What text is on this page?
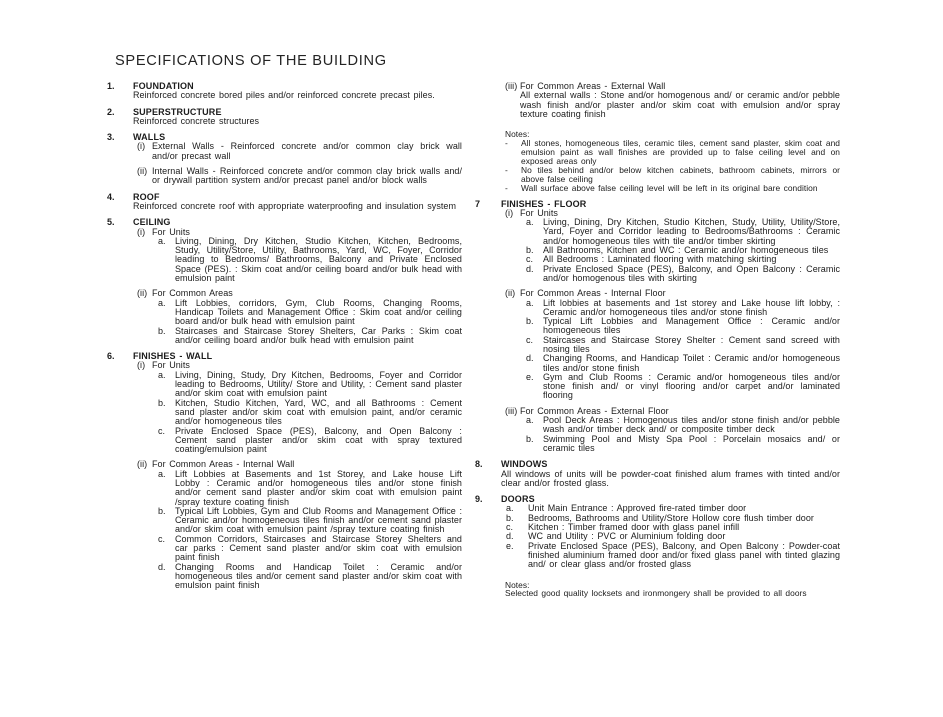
SPECIFICATIONS OF THE BUILDING
1.	FOUNDATION
Reinforced concrete bored piles and/or reinforced concrete precast piles.
2.	SUPERSTRUCTURE
Reinforced concrete structures
3.	WALLS
(i) External Walls - Reinforced concrete and/or common clay brick wall and/or precast wall
(ii) Internal Walls - Reinforced concrete and/or common clay brick walls and/ or drywall partition system and/or precast panel and/or block walls
4.	ROOF
Reinforced concrete roof with appropriate waterproofing and insulation system
5.	CEILING
(i) For Units
a.	Living, Dining, Dry Kitchen, Studio Kitchen, Kitchen, Bedrooms, Study, Utility/Store, Utility, Bathrooms, Yard, WC, Foyer, Corridor leading to Bedrooms/ Bathrooms, Balcony and Private Enclosed Space (PES). : Skim coat and/or ceiling board and/or bulk head with emulsion paint
(ii) For Common Areas
a.	Lift Lobbies, corridors, Gym, Club Rooms, Changing Rooms, Handicap Toilets and Management Office : Skim coat and/or ceiling board and/or bulk head with emulsion paint
b.	Staircases and Staircase Storey Shelters, Car Parks : Skim coat and/or ceiling board and/or bulk head with emulsion paint
6.	FINISHES - WALL
(i) For Units
a.	Living, Dining, Study, Dry Kitchen, Bedrooms, Foyer and Corridor leading to Bedrooms, Utility/ Store and Utility, : Cement sand plaster and/or skim coat with emulsion paint
b.	Kitchen, Studio Kitchen, Yard, WC, and all Bathrooms : Cement sand plaster and/or skim coat with emulsion paint, and/or ceramic and/or homogeneous tiles
c.	Private Enclosed Space (PES), Balcony, and Open Balcony : Cement sand plaster and/or skim coat with spray textured coating/emulsion paint
(ii) For Common Areas - Internal Wall
a.	Lift Lobbies at Basements and 1st Storey, and Lake house Lift Lobby : Ceramic and/or homogeneous tiles and/or stone finish and/or cement sand plaster and/or skim coat with emulsion paint /spray texture coating finish
b.	Typical Lift Lobbies, Gym and Club Rooms and Management Office : Ceramic and/or homogeneous tiles finish and/or cement sand plaster and/or skim coat with emulsion paint /spray texture coating finish
c.	Common Corridors, Staircases and Staircase Storey Shelters and car parks : Cement sand plaster and/or skim coat with emulsion paint finish
d.	Changing Rooms and Handicap Toilet : Ceramic and/or homogeneous tiles and/or cement sand plaster and/or skim coat with emulsion paint finish
(iii) For Common Areas - External Wall
All external walls : Stone and/or homogenous and/ or ceramic and/or pebble wash finish and/or plaster and/or skim coat with emulsion and/or spray texture coating finish
Notes:
-	All stones, homogeneous tiles, ceramic tiles, cement sand plaster, skim coat and emulsion paint as wall finishes are provided up to false ceiling level and on exposed areas only
-	No tiles behind and/or below kitchen cabinets, bathroom cabinets, mirrors or above false ceiling
-	Wall surface above false ceiling level will be left in its original bare condition
7	FINISHES - FLOOR
(i) For Units
a.	Living, Dining, Dry Kitchen, Studio Kitchen, Study, Utility, Utility/Store, Yard, Foyer and Corridor leading to Bedrooms/Bathrooms : Ceramic and/or homogeneous tiles with tile and/or timber skirting
b.	All Bathrooms, Kitchen and WC : Ceramic and/or homogeneous tiles
c.	All Bedrooms : Laminated flooring with matching skirting
d.	Private Enclosed Space (PES), Balcony, and Open Balcony : Ceramic and/or homogenous tiles with skirting
(ii) For Common Areas - Internal Floor
a.	Lift lobbies at basements and 1st storey and Lake house lift lobby, : Ceramic and/or homogeneous tiles and/or stone finish
b.	Typical Lift Lobbies and Management Office : Ceramic and/or homogeneous tiles
c.	Staircases and Staircase Storey Shelter : Cement sand screed with nosing tiles
d.	Changing Rooms, and Handicap Toilet : Ceramic and/or homogeneous tiles and/or stone finish
e.	Gym and Club Rooms : Ceramic and/or homogeneous tiles and/or stone finish and/ or vinyl flooring and/or carpet and/or laminated flooring
(iii) For Common Areas - External Floor
a.	Pool Deck Areas : Homogenous tiles and/or stone finish and/or pebble wash and/or timber deck and/ or composite timber deck
b.	Swimming Pool and Misty Spa Pool : Porcelain mosaics and/ or ceramic tiles
8.	WINDOWS
All windows of units will be powder-coat finished alum frames with tinted and/or clear and/or frosted glass.
9.	DOORS
a.	Unit Main Entrance : Approved fire-rated timber door
b.	Bedrooms, Bathrooms and Utility/Store Hollow core flush timber door
c.	Kitchen : Timber framed door with glass panel infill
d.	WC and Utility : PVC or Aluminium folding door
e.	Private Enclosed Space (PES), Balcony, and Open Balcony : Powder-coat finished aluminium framed door and/or fixed glass panel with tinted glazing and/ or clear glass and/or frosted glass
Notes:
Selected good quality locksets and ironmongery shall be provided to all doors
